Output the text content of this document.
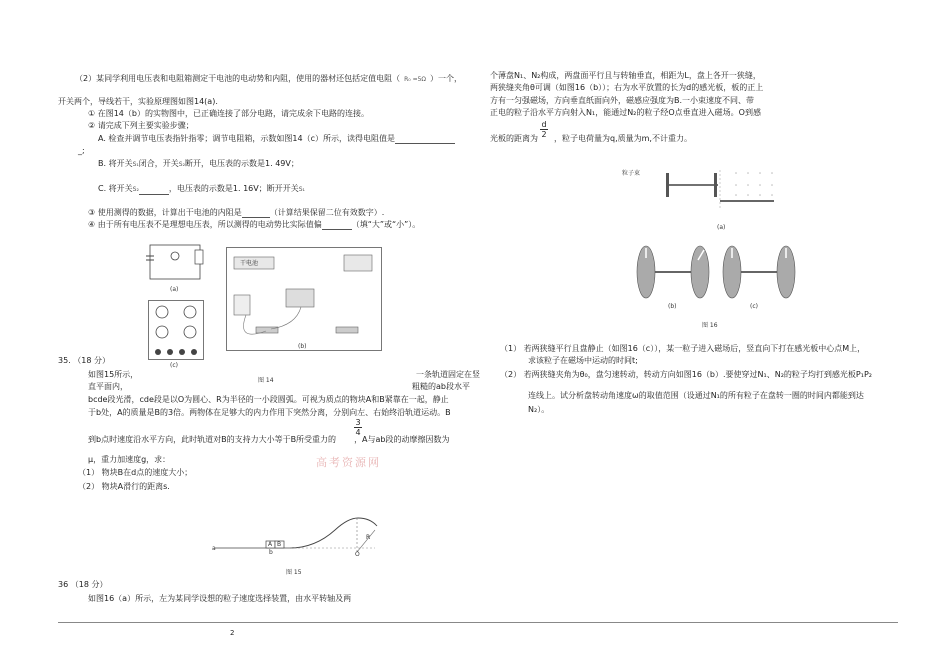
（2）某同学利用电压表和电阻箱测定干电池的电动势和内阻，使用的器材还包括定值电阻（ R₀ =5Ω ）一个，
开关两个，导线若干，实验原理图如图14(a).
① 在图14（b）的实物图中，已正确连接了部分电路，请完成余下电路的连接。
② 请完成下列主要实验步骤；
A. 检查并调节电压表指针指零；调节电阻箱，示数如图14（c）所示，读得电阻值是
_;
B. 将开关S₁闭合，开关S₂断开，电压表的示数是1. 49V；
C. 将开关S₂	，电压表的示数是1. 16V；断开开关S₁
③ 使用测得的数据，计算出干电池的内阻是	（计算结果保留二位有效数字）.
④ 由于所有电压表不是理想电压表，所以测得的电动势比实际值偏	（填“大”或“小”）。
(a)
干电池
(b)
(c)
图 14
35. （18 分）
如图15所示，	一条轨道固定在竖
直平面内，	粗糙的ab段水平
bcde段光滑，cde段是以O为圆心、R为半径的一小段圆弧。可视为质点的物块A和B紧靠在一起，静止
于b处，A的质量是B的3倍。两物体在足够大的内力作用下突然分离，分别向左、右始终沿轨道运动。B
到b点时速度沿水平方向，此时轨道对B的支持力大小等于B所受重力的 ，A与ab段的动摩擦因数为
$\frac{3}{4}$
μ，重力加速度g，求：	高考资源网
（1） 物块B在d点的速度大小；
（2） 物块A滑行的距离s.
a
A B
b	O
R
图 15
36 （18 分）
如图16（a）所示，左为某同学设想的粒子速度选择装置，由水平转轴及两
个薄盘N₁、N₂构成，两盘面平行且与转轴垂直，相距为L，盘上各开一狭缝，
两狭缝夹角θ可调（如图16（b））；右为水平放置的长为d的感光板，板的正上
方有一匀强磁场，方向垂直纸面向外，磁感应强度为B.一小束速度不同、带
正电的粒子沿水平方向射入N₁，能通过N₂的粒子经O点垂直进入磁场。O到感
光板的距离为 ，粒子电荷量为q,质量为m,不计重力。
$\frac{d}{2}$
粒子束
(a)
(b)	(c)
图 16
（1） 若两狭缝平行且盘静止（如图16（c）），某一粒子进入磁场后，竖直向下打在感光板中心点M上，
求该粒子在磁场中运动的时间t;
（2） 若两狭缝夹角为θ₀，盘匀速转动，转动方向如图16（b）.要使穿过N₁、N₂的粒子均打到感光板P₁P₂
连线上。试分析盘转动角速度ω的取值范围（设通过N₁的所有粒子在盘转一圈的时间内都能到达
N₂）。
2
